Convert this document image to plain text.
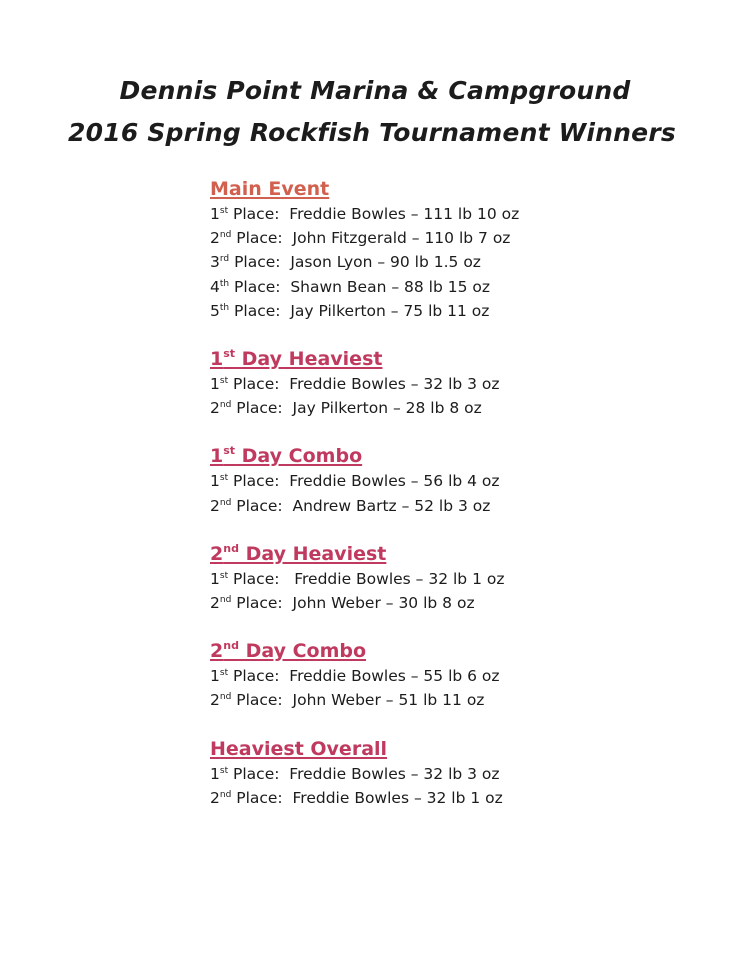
Dennis Point Marina & Campground
2016 Spring Rockfish Tournament Winners
Main Event
1st Place:  Freddie Bowles – 111 lb 10 oz
2nd Place:  John Fitzgerald – 110 lb 7 oz
3rd Place:  Jason Lyon – 90 lb 1.5 oz
4th Place:  Shawn Bean – 88 lb 15 oz
5th Place:  Jay Pilkerton – 75 lb 11 oz
1st Day Heaviest
1st Place:  Freddie Bowles – 32 lb 3 oz
2nd Place:  Jay Pilkerton – 28 lb 8 oz
1st Day Combo
1st Place:  Freddie Bowles – 56 lb 4 oz
2nd Place:  Andrew Bartz – 52 lb 3 oz
2nd Day Heaviest
1st Place:   Freddie Bowles – 32 lb 1 oz
2nd Place:  John Weber – 30 lb 8 oz
2nd Day Combo
1st Place:  Freddie Bowles – 55 lb 6 oz
2nd Place:  John Weber – 51 lb 11 oz
Heaviest Overall
1st Place:  Freddie Bowles – 32 lb 3 oz
2nd Place:  Freddie Bowles – 32 lb 1 oz
